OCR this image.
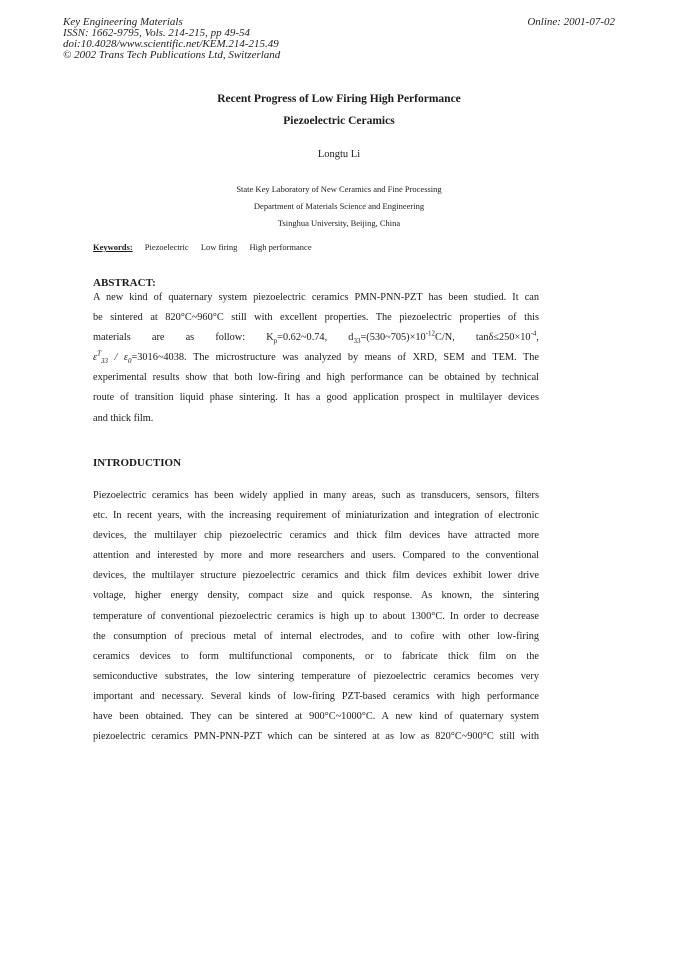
Key Engineering Materials
ISSN: 1662-9795, Vols. 214-215, pp 49-54
doi:10.4028/www.scientific.net/KEM.214-215.49
© 2002 Trans Tech Publications Ltd, Switzerland
Online: 2001-07-02
Recent Progress of Low Firing High Performance
Piezoelectric Ceramics
Longtu Li
State Key Laboratory of New Ceramics and Fine Processing
Department of Materials Science and Engineering
Tsinghua University, Beijing, China
Keywords: Piezoelectric Low firing High performance
ABSTRACT:
A new kind of quaternary system piezoelectric ceramics PMN-PNN-PZT has been studied. It can
be sintered at 820°C~960°C still with excellent properties. The piezoelectric properties of this
materials are as follow: $K_p=0.62\sim 0.74$, $d_{33}=(530\sim 705)\times 10^{-12}C/N$, $\tan\delta\le 250\times 10^{-4}$,
$\varepsilon^T_{33}$ / $\varepsilon_0=3016\sim 4038$. The microstructure was analyzed by means of XRD, SEM and TEM. The
experimental results show that both low-firing and high performance can be obtained by technical
route of transition liquid phase sintering. It has a good application prospect in multilayer devices
and thick film.
INTRODUCTION
Piezoelectric ceramics has been widely applied in many areas, such as transducers, sensors, filters
etc. In recent years, with the increasing requirement of miniaturization and integration of electronic
devices, the multilayer chip piezoelectric ceramics and thick film devices have attracted more
attention and interested by more and more researchers and users. Compared to the conventional
devices, the multilayer structure piezoelectric ceramics and thick film devices exhibit lower drive
voltage, higher energy density, compact size and quick response. As known, the sintering
temperature of conventional piezoelectric ceramics is high up to about 1300°C. In order to decrease
the consumption of precious metal of internal electrodes, and to cofire with other low-firing
ceramics devices to form multifunctional components, or to fabricate thick film on the
semiconductive substrates, the low sintering temperature of piezoelectric ceramics becomes very
important and necessary. Several kinds of low-firing PZT-based ceramics with high performance
have been obtained. They can be sintered at 900°C~1000°C. A new kind of quaternary system
piezoelectric ceramics PMN-PNN-PZT which can be sintered at as low as 820°C~900°C still with
